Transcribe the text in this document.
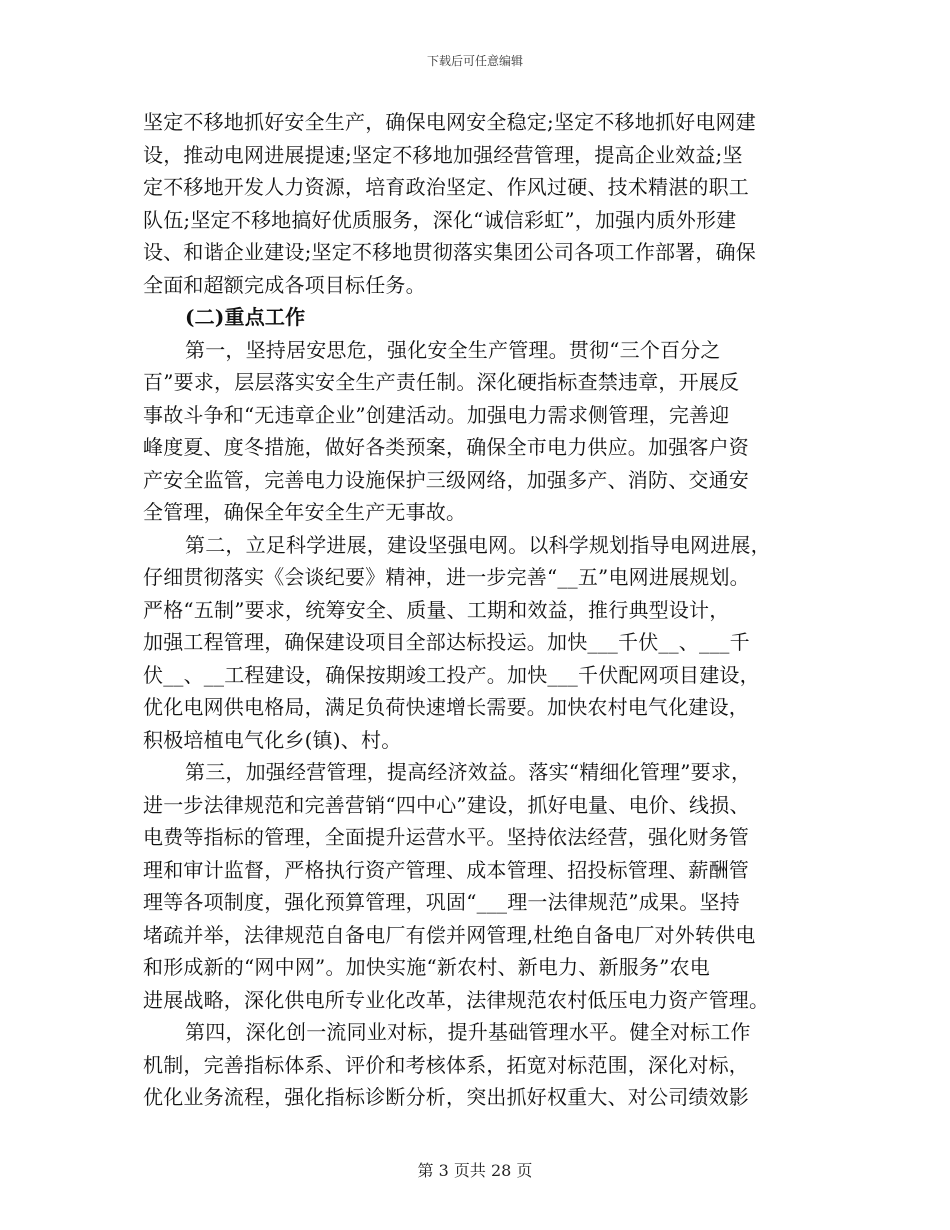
下载后可任意编辑
坚定不移地抓好安全生产，确保电网安全稳定;坚定不移地抓好电网建
设，推动电网进展提速;坚定不移地加强经营管理，提高企业效益;坚
定不移地开发人力资源，培育政治坚定、作风过硬、技术精湛的职工
队伍;坚定不移地搞好优质服务，深化“诚信彩虹”，加强内质外形建
设、和谐企业建设;坚定不移地贯彻落实集团公司各项工作部署，确保
全面和超额完成各项目标任务。
(二)重点工作
第一，坚持居安思危，强化安全生产管理。贯彻“三个百分之
百”要求，层层落实安全生产责任制。深化硬指标查禁违章，开展反
事故斗争和“无违章企业”创建活动。加强电力需求侧管理，完善迎
峰度夏、度冬措施，做好各类预案，确保全市电力供应。加强客户资
产安全监管，完善电力设施保护三级网络，加强多产、消防、交通安
全管理，确保全年安全生产无事故。
第二，立足科学进展，建设坚强电网。以科学规划指导电网进展，
仔细贯彻落实《会谈纪要》精神，进一步完善“__五”电网进展规划。
严格“五制”要求，统筹安全、质量、工期和效益，推行典型设计，
加强工程管理，确保建设项目全部达标投运。加快___千伏__、___千
伏__、__工程建设，确保按期竣工投产。加快___千伏配网项目建设，
优化电网供电格局，满足负荷快速增长需要。加快农村电气化建设，
积极培植电气化乡(镇)、村。
第三，加强经营管理，提高经济效益。落实“精细化管理”要求，
进一步法律规范和完善营销“四中心”建设，抓好电量、电价、线损、
电费等指标的管理，全面提升运营水平。坚持依法经营，强化财务管
理和审计监督，严格执行资产管理、成本管理、招投标管理、薪酬管
理等各项制度，强化预算管理，巩固“___理一法律规范”成果。坚持
堵疏并举，法律规范自备电厂有偿并网管理,杜绝自备电厂对外转供电
和形成新的“网中网”。加快实施“新农村、新电力、新服务”农电
进展战略，深化供电所专业化改革，法律规范农村低压电力资产管理。
第四，深化创一流同业对标，提升基础管理水平。健全对标工作
机制，完善指标体系、评价和考核体系，拓宽对标范围，深化对标，
优化业务流程，强化指标诊断分析，突出抓好权重大、对公司绩效影
第 3 页共 28 页
